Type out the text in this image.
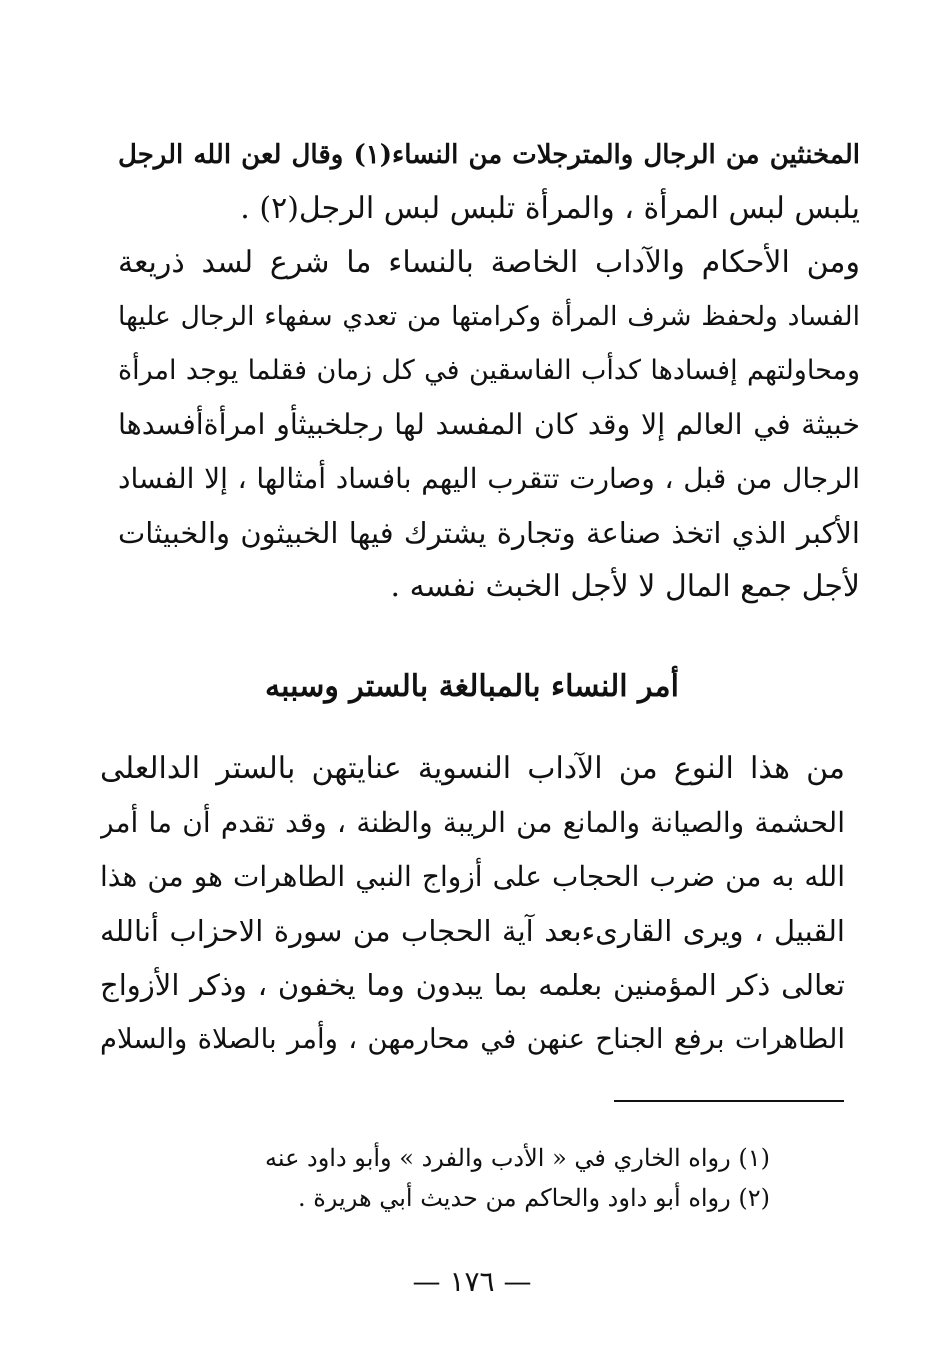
المخنثين من الرجال والمترجلات من النساء(١) وقال لعن الله الرجل
يلبس لبس المرأة ، والمرأة تلبس لبس الرجل(٢) .
ومن الأحكام والآداب الخاصة بالنساء ما شرع لسد ذريعة
الفساد ولحفظ شرف المرأة وكرامتها من تعدي سفهاء الرجال عليها
ومحاولتهم إفسادها كدأب الفاسقين في كل زمان فقلما يوجد امرأة
خبيثة في العالم إلا وقد كان المفسد لها رجلخبيثأو امرأةأفسدها
الرجال من قبل ، وصارت تتقرب اليهم بافساد أمثالها ، إلا الفساد
الأكبر الذي اتخذ صناعة وتجارة يشترك فيها الخبيثون والخبيثات
لأجل جمع المال لا لأجل الخبث نفسه .
أمر النساء بالمبالغة بالستر وسببه
من هذا النوع من الآداب النسوية عنايتهن بالستر الدالعلى
الحشمة والصيانة والمانع من الريبة والظنة ، وقد تقدم أن ما أمر
الله به من ضرب الحجاب على أزواج النبي الطاهرات هو من هذا
القبيل ، ويرى القارىءبعد آية الحجاب من سورة الاحزاب أنالله
تعالى ذكر المؤمنين بعلمه بما يبدون وما يخفون ، وذكر الأزواج
الطاهرات برفع الجناح عنهن في محارمهن ، وأمر بالصلاة والسلام
(١) رواه الخاري في « الأدب والفرد » وأبو داود عنه
(٢) رواه أبو داود والحاكم من حديث أبي هريرة .
— ١٧٦ —
